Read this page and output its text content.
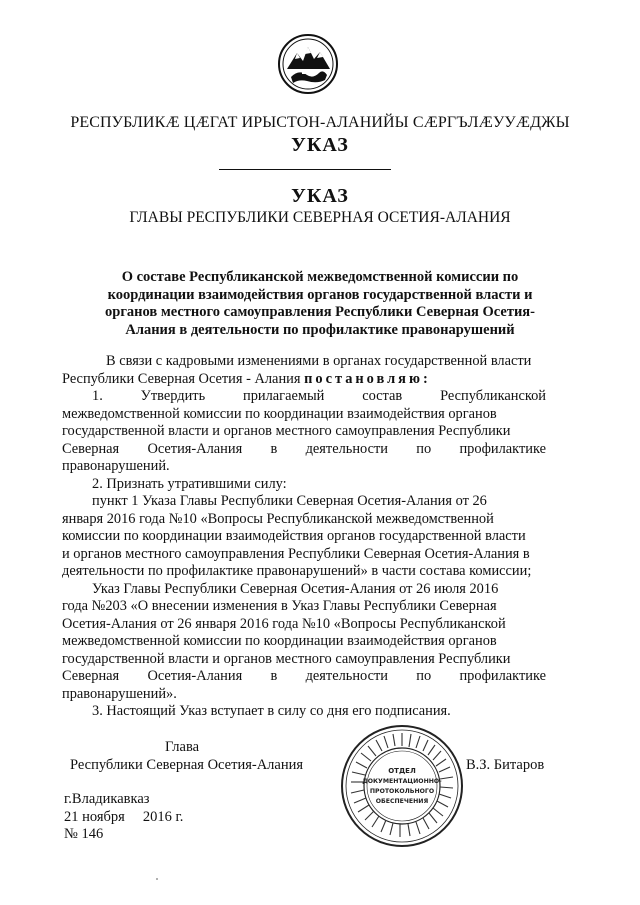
РЕСПУБЛИКӔ ЦӔГАТ ИРЫСТОН-АЛАНИЙЫ СӔРГЪЛӔУУӔДЖЫ
УКАЗ
УКАЗ
ГЛАВЫ РЕСПУБЛИКИ СЕВЕРНАЯ ОСЕТИЯ-АЛАНИЯ
О составе Республиканской межведомственной комиссии по
координации взаимодействия органов государственной власти и
органов местного самоуправления Республики Северная Осетия-
Алания в деятельности по профилактике правонарушений
В связи с кадровыми изменениями в органах государственной власти
Республики Северная Осетия - Алания постановляю:
1.	Утвердить	прилагаемый	состав	Республиканской
межведомственной комиссии по координации взаимодействия органов
государственной власти и органов местного самоуправления Республики
Северная Осетия-Алания в деятельности по профилактике
правонарушений.
2. Признать утратившими силу:
пункт 1 Указа Главы Республики Северная Осетия-Алания от 26
января 2016 года №10 «Вопросы Республиканской межведомственной
комиссии по координации взаимодействия органов государственной власти
и органов местного самоуправления Республики Северная Осетия-Алания в
деятельности по профилактике правонарушений» в части состава комиссии;
Указ Главы Республики Северная Осетия-Алания от 26 июля 2016
года №203 «О внесении изменения в Указ Главы Республики Северная
Осетия-Алания от 26 января 2016 года №10 «Вопросы Республиканской
межведомственной комиссии по координации взаимодействия органов
государственной власти и органов местного самоуправления Республики
Северная Осетия-Алания в деятельности по профилактике
правонарушений».
3. Настоящий Указ вступает в силу со дня его подписания.
Глава
Республики Северная Осетия-Алания	ОТДЕЛ
ДОКУМЕНТАЦИОННО-
ПРОТОКОЛЬНОГО
ОБЕСПЕЧЕНИЯ
В.З. Битаров
г.Владикавказ
21 ноября 2016 г.
№ 146
